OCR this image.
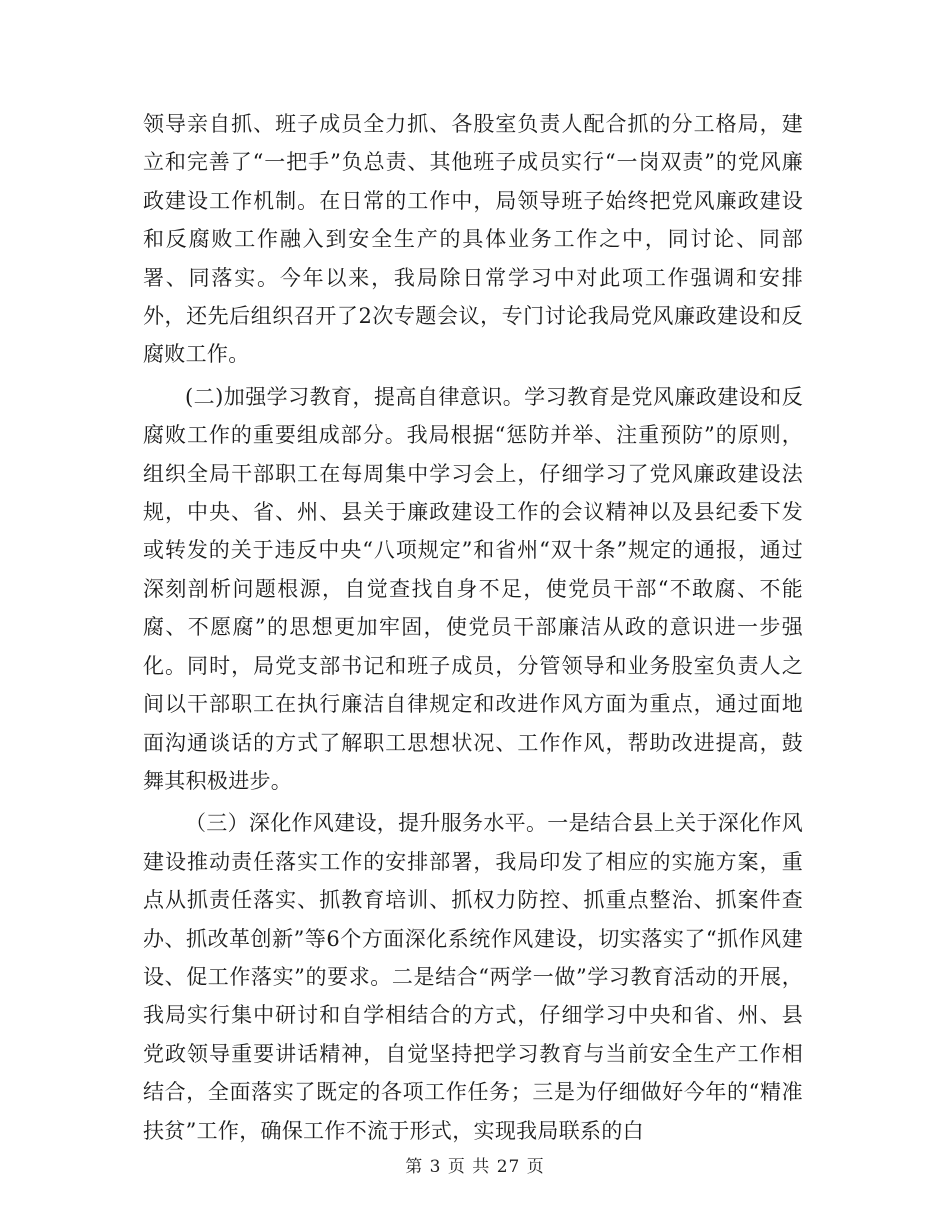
领导亲自抓、班子成员全力抓、各股室负责人配合抓的分工格局，建立和完善了“一把手”负总责、其他班子成员实行“一岗双责”的党风廉政建设工作机制。在日常的工作中，局领导班子始终把党风廉政建设和反腐败工作融入到安全生产的具体业务工作之中，同讨论、同部署、同落实。今年以来，我局除日常学习中对此项工作强调和安排外，还先后组织召开了2次专题会议，专门讨论我局党风廉政建设和反腐败工作。

(二)加强学习教育，提高自律意识。学习教育是党风廉政建设和反腐败工作的重要组成部分。我局根据“惩防并举、注重预防”的原则，组织全局干部职工在每周集中学习会上，仔细学习了党风廉政建设法规，中央、省、州、县关于廉政建设工作的会议精神以及县纪委下发或转发的关于违反中央“八项规定”和省州“双十条”规定的通报，通过深刻剖析问题根源，自觉查找自身不足，使党员干部“不敢腐、不能腐、不愿腐”的思想更加牢固，使党员干部廉洁从政的意识进一步强化。同时，局党支部书记和班子成员，分管领导和业务股室负责人之间以干部职工在执行廉洁自律规定和改进作风方面为重点，通过面地面沟通谈话的方式了解职工思想状况、工作作风，帮助改进提高，鼓舞其积极进步。

（三）深化作风建设，提升服务水平。一是结合县上关于深化作风建设推动责任落实工作的安排部署，我局印发了相应的实施方案，重点从抓责任落实、抓教育培训、抓权力防控、抓重点整治、抓案件查办、抓改革创新”等6个方面深化系统作风建设，切实落实了“抓作风建设、促工作落实”的要求。二是结合“两学一做”学习教育活动的开展，我局实行集中研讨和自学相结合的方式，仔细学习中央和省、州、县党政领导重要讲话精神，自觉坚持把学习教育与当前安全生产工作相结合，全面落实了既定的各项工作任务；三是为仔细做好今年的“精准扶贫”工作，确保工作不流于形式，实现我局联系的白

第 3 页 共 27 页
